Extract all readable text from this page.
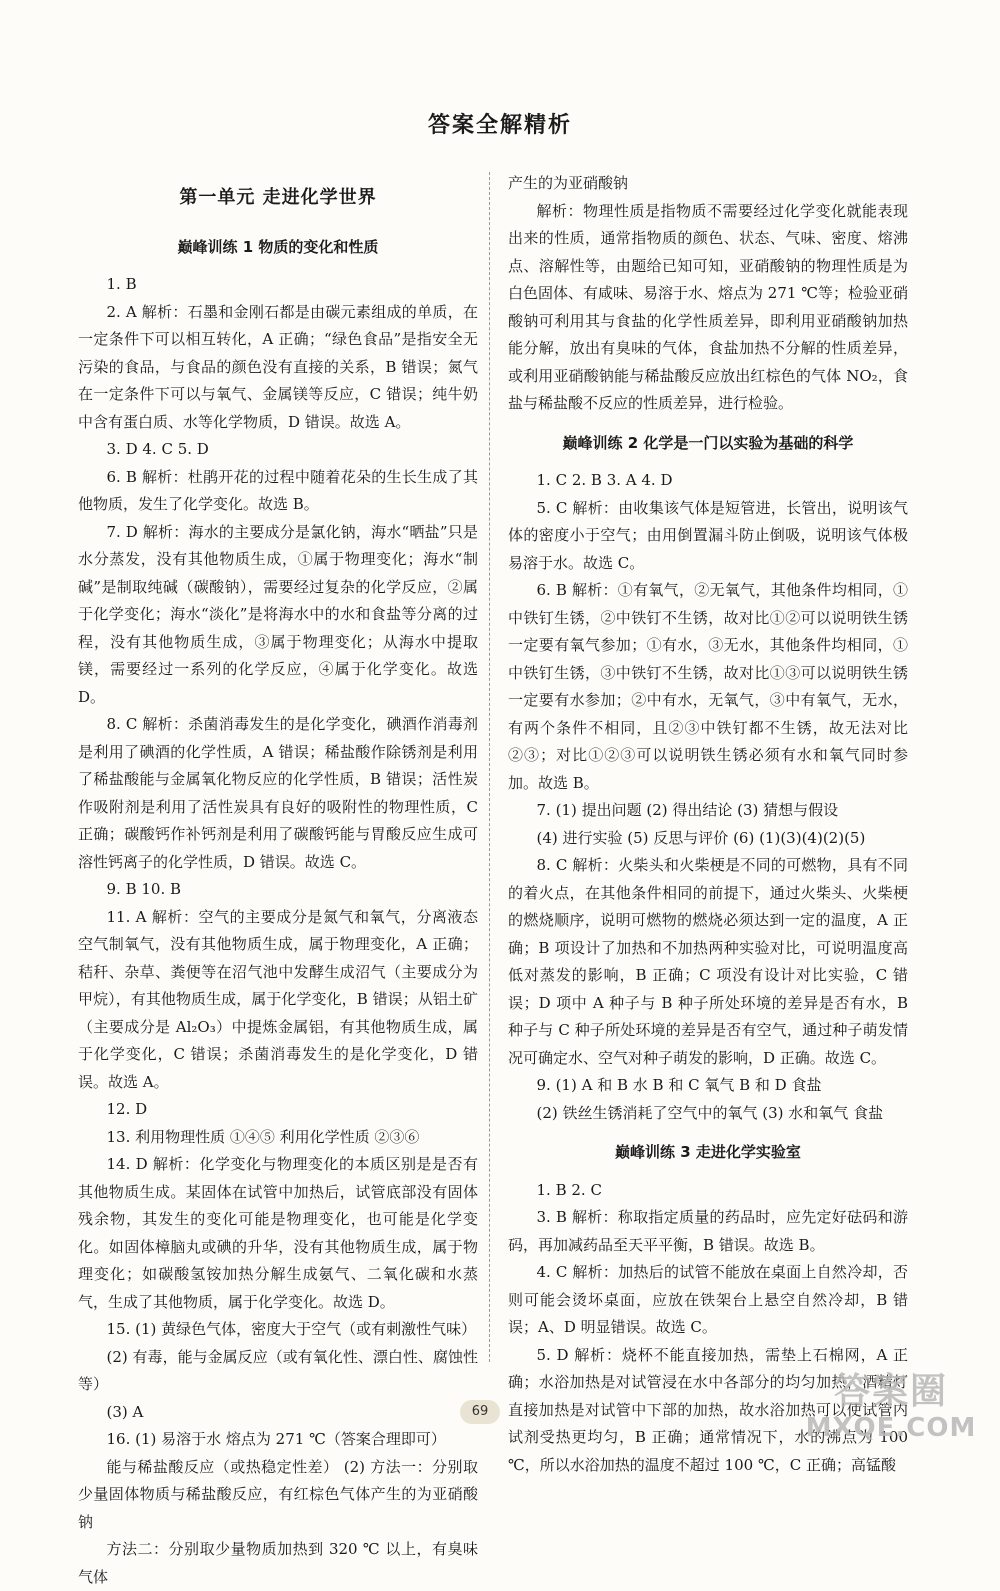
答案全解精析
第一单元 走进化学世界
巅峰训练 1 物质的变化和性质

1. B

2. A 解析：石墨和金刚石都是由碳元素组成的单质，在一定条件下可以相互转化，A 正确；“绿色食品”是指安全无污染的食品，与食品的颜色没有直接的关系，B 错误；氮气在一定条件下可以与氧气、金属镁等反应，C 错误；纯牛奶中含有蛋白质、水等化学物质，D 错误。故选 A。

3. D 4. C 5. D

6. B 解析：杜鹃开花的过程中随着花朵的生长生成了其他物质，发生了化学变化。故选 B。

7. D 解析：海水的主要成分是氯化钠，海水“晒盐”只是水分蒸发，没有其他物质生成，①属于物理变化；海水“制碱”是制取纯碱（碳酸钠），需要经过复杂的化学反应，②属于化学变化；海水“淡化”是将海水中的水和食盐等分离的过程，没有其他物质生成，③属于物理变化；从海水中提取镁，需要经过一系列的化学反应，④属于化学变化。故选 D。

8. C 解析：杀菌消毒发生的是化学变化，碘酒作消毒剂是利用了碘酒的化学性质，A 错误；稀盐酸作除锈剂是利用了稀盐酸能与金属氧化物反应的化学性质，B 错误；活性炭作吸附剂是利用了活性炭具有良好的吸附性的物理性质，C 正确；碳酸钙作补钙剂是利用了碳酸钙能与胃酸反应生成可溶性钙离子的化学性质，D 错误。故选 C。

9. B 10. B

11. A 解析：空气的主要成分是氮气和氧气，分离液态空气制氧气，没有其他物质生成，属于物理变化，A 正确；秸秆、杂草、粪便等在沼气池中发酵生成沼气（主要成分为甲烷），有其他物质生成，属于化学变化，B 错误；从铝土矿（主要成分是 Al₂O₃）中提炼金属铝，有其他物质生成，属于化学变化，C 错误；杀菌消毒发生的是化学变化，D 错误。故选 A。

12. D

13. 利用物理性质 ①④⑤ 利用化学性质 ②③⑥

14. D 解析：化学变化与物理变化的本质区别是是否有其他物质生成。某固体在试管中加热后，试管底部没有固体残余物，其发生的变化可能是物理变化，也可能是化学变化。如固体樟脑丸或碘的升华，没有其他物质生成，属于物理变化；如碳酸氢铵加热分解生成氨气、二氧化碳和水蒸气，生成了其他物质，属于化学变化。故选 D。

15. (1) 黄绿色气体，密度大于空气（或有刺激性气味）

(2) 有毒，能与金属反应（或有氧化性、漂白性、腐蚀性等）

(3) A

16. (1) 易溶于水 熔点为 271 ℃（答案合理即可）

能与稀盐酸反应（或热稳定性差） (2) 方法一：分别取少量固体物质与稀盐酸反应，有红棕色气体产生的为亚硝酸钠

方法二：分别取少量物质加热到 320 ℃ 以上，有臭味气体

产生的为亚硝酸钠

解析：物理性质是指物质不需要经过化学变化就能表现出来的性质，通常指物质的颜色、状态、气味、密度、熔沸点、溶解性等，由题给已知可知，亚硝酸钠的物理性质是为白色固体、有咸味、易溶于水、熔点为 271 ℃等；检验亚硝酸钠可利用其与食盐的化学性质差异，即利用亚硝酸钠加热能分解，放出有臭味的气体，食盐加热不分解的性质差异，或利用亚硝酸钠能与稀盐酸反应放出红棕色的气体 NO₂，食盐与稀盐酸不反应的性质差异，进行检验。

巅峰训练 2 化学是一门以实验为基础的科学

1. C 2. B 3. A 4. D

5. C 解析：由收集该气体是短管进，长管出，说明该气体的密度小于空气；由用倒置漏斗防止倒吸，说明该气体极易溶于水。故选 C。

6. B 解析：①有氧气，②无氧气，其他条件均相同，①中铁钉生锈，②中铁钉不生锈，故对比①②可以说明铁生锈一定要有氧气参加；①有水，③无水，其他条件均相同，①中铁钉生锈，③中铁钉不生锈，故对比①③可以说明铁生锈一定要有水参加；②中有水，无氧气，③中有氧气，无水，有两个条件不相同，且②③中铁钉都不生锈，故无法对比②③；对比①②③可以说明铁生锈必须有水和氧气同时参加。故选 B。

7. (1) 提出问题 (2) 得出结论 (3) 猜想与假设

(4) 进行实验 (5) 反思与评价 (6) (1)(3)(4)(2)(5)

8. C 解析：火柴头和火柴梗是不同的可燃物，具有不同的着火点，在其他条件相同的前提下，通过火柴头、火柴梗的燃烧顺序，说明可燃物的燃烧必须达到一定的温度，A 正确；B 项设计了加热和不加热两种实验对比，可说明温度高低对蒸发的影响，B 正确；C 项没有设计对比实验，C 错误；D 项中 A 种子与 B 种子所处环境的差异是否有水，B 种子与 C 种子所处环境的差异是否有空气，通过种子萌发情况可确定水、空气对种子萌发的影响，D 正确。故选 C。

9. (1) A 和 B 水 B 和 C 氧气 B 和 D 食盐

(2) 铁丝生锈消耗了空气中的氧气 (3) 水和氧气 食盐

巅峰训练 3 走进化学实验室

1. B 2. C

3. B 解析：称取指定质量的药品时，应先定好砝码和游码，再加减药品至天平平衡，B 错误。故选 B。

4. C 解析：加热后的试管不能放在桌面上自然冷却，否则可能会烫坏桌面，应放在铁架台上悬空自然冷却，B 错误；A、D 明显错误。故选 C。

5. D 解析：烧杯不能直接加热，需垫上石棉网，A 正确；水浴加热是对试管浸在水中各部分的均匀加热，酒精灯直接加热是对试管中下部的加热，故水浴加热可以使试管内试剂受热更均匀，B 正确；通常情况下，水的沸点为 100 ℃，所以水浴加热的温度不超过 100 ℃，C 正确；高锰酸

69	答案圈
MXQE.COM
